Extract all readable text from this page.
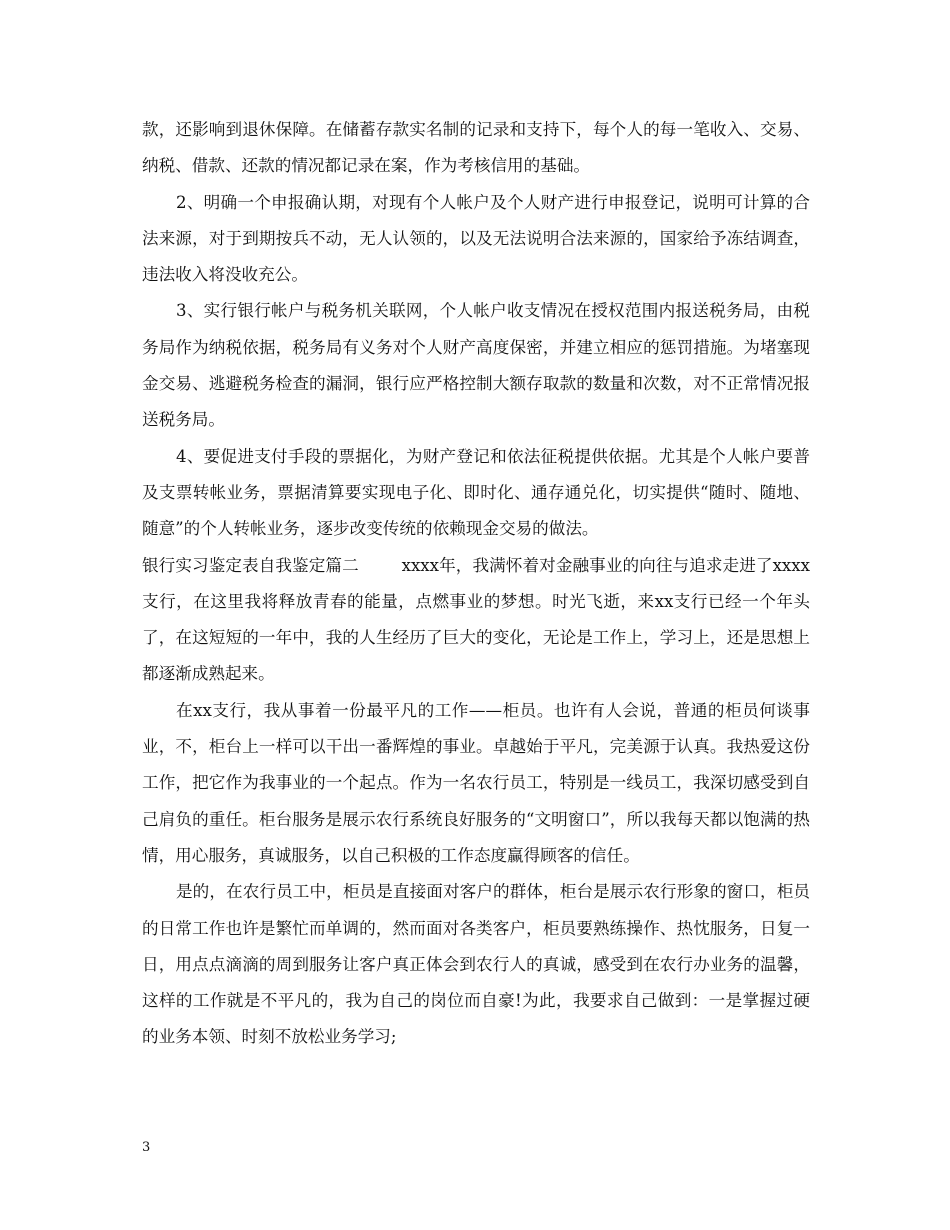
款，还影响到退休保障。在储蓄存款实名制的记录和支持下，每个人的每一笔收入、交易、纳税、借款、还款的情况都记录在案，作为考核信用的基础。

2、明确一个申报确认期，对现有个人帐户及个人财产进行申报登记，说明可计算的合法来源，对于到期按兵不动，无人认领的，以及无法说明合法来源的，国家给予冻结调查，违法收入将没收充公。

3、实行银行帐户与税务机关联网，个人帐户收支情况在授权范围内报送税务局，由税务局作为纳税依据，税务局有义务对个人财产高度保密，并建立相应的惩罚措施。为堵塞现金交易、逃避税务检查的漏洞，银行应严格控制大额存取款的数量和次数，对不正常情况报送税务局。

4、要促进支付手段的票据化，为财产登记和依法征税提供依据。尤其是个人帐户要普及支票转帐业务，票据清算要实现电子化、即时化、通存通兑化，切实提供“随时、随地、随意”的个人转帐业务，逐步改变传统的依赖现金交易的做法。

银行实习鉴定表自我鉴定篇二        xxxx年，我满怀着对金融事业的向往与追求走进了xxxx支行，在这里我将释放青春的能量，点燃事业的梦想。时光飞逝，来xx支行已经一个年头了，在这短短的一年中，我的人生经历了巨大的变化，无论是工作上，学习上，还是思想上都逐渐成熟起来。

在xx支行，我从事着一份最平凡的工作——柜员。也许有人会说，普通的柜员何谈事业，不，柜台上一样可以干出一番辉煌的事业。卓越始于平凡，完美源于认真。我热爱这份工作，把它作为我事业的一个起点。作为一名农行员工，特别是一线员工，我深切感受到自己肩负的重任。柜台服务是展示农行系统良好服务的“文明窗口”，所以我每天都以饱满的热情，用心服务，真诚服务，以自己积极的工作态度赢得顾客的信任。

是的，在农行员工中，柜员是直接面对客户的群体，柜台是展示农行形象的窗口，柜员的日常工作也许是繁忙而单调的，然而面对各类客户，柜员要熟练操作、热忱服务，日复一日，用点点滴滴的周到服务让客户真正体会到农行人的真诚，感受到在农行办业务的温馨，这样的工作就是不平凡的，我为自己的岗位而自豪!为此，我要求自己做到：一是掌握过硬的业务本领、时刻不放松业务学习;

3
